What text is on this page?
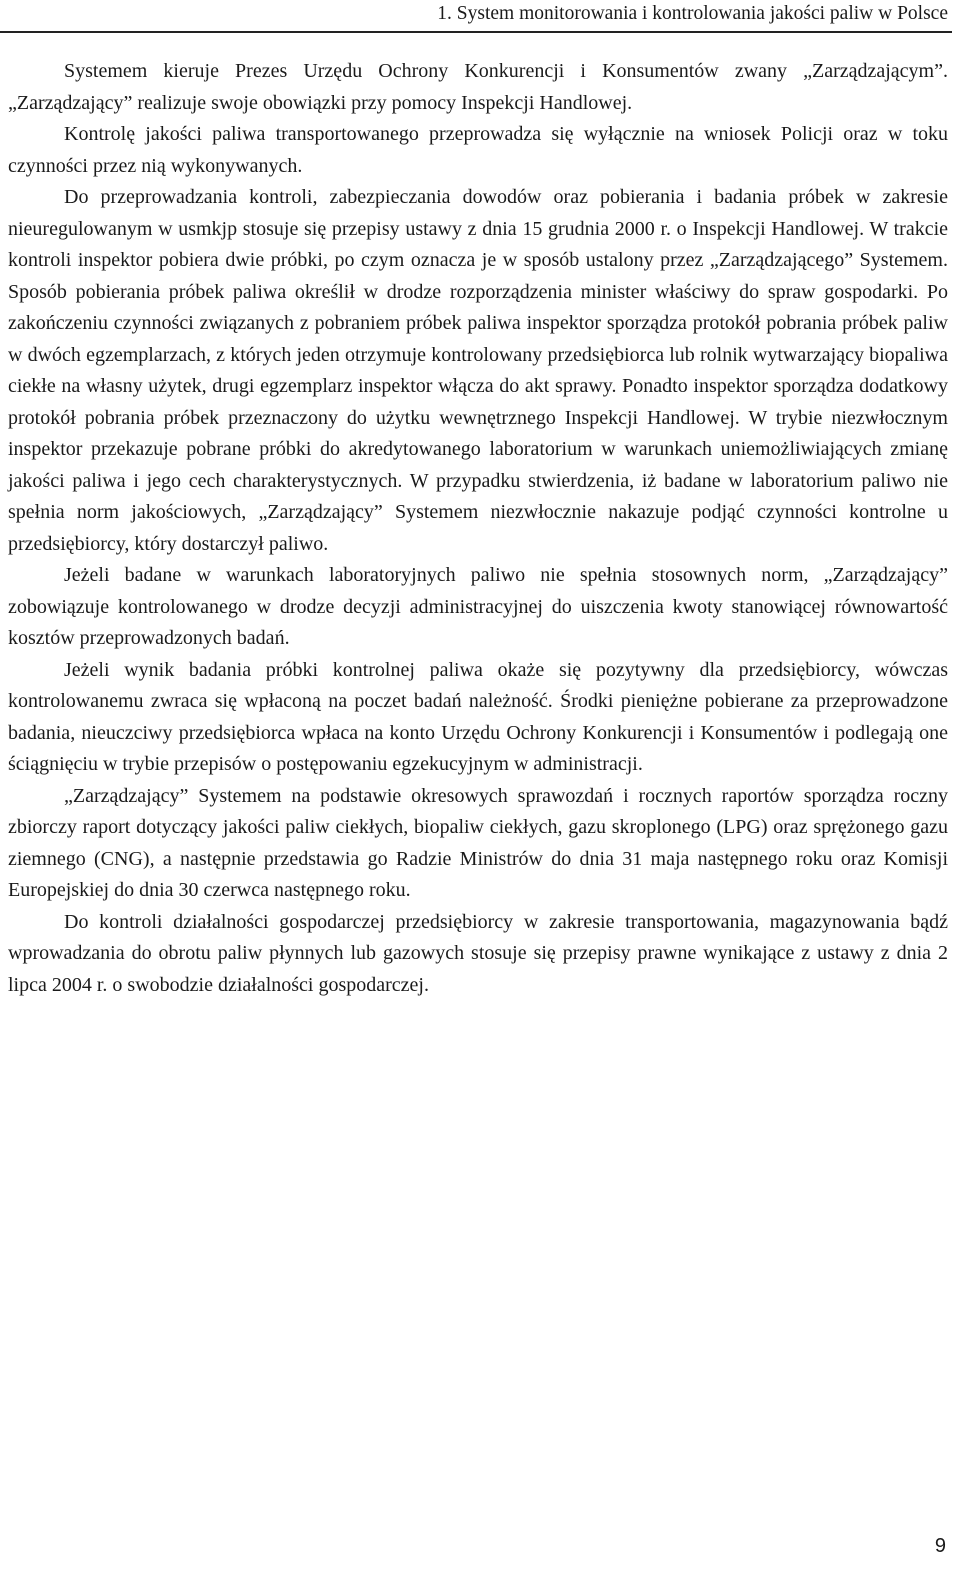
1. System monitorowania i kontrolowania jakości paliw w Polsce

Systemem kieruje Prezes Urzędu Ochrony Konkurencji i Konsumentów zwany „Zarządzającym”. „Zarządzający” realizuje swoje obowiązki przy pomocy Inspekcji Handlowej.

Kontrolę jakości paliwa transportowanego przeprowadza się wyłącznie na wniosek Policji oraz w toku czynności przez nią wykonywanych.

Do przeprowadzania kontroli, zabezpieczania dowodów oraz pobierania i badania próbek w zakresie nieuregulowanym w usmkjp stosuje się przepisy ustawy z dnia 15 grudnia 2000 r. o Inspekcji Handlowej. W trakcie kontroli inspektor pobiera dwie próbki, po czym oznacza je w sposób ustalony przez „Zarządzającego” Systemem. Sposób pobierania próbek paliwa określił w drodze rozporządzenia minister właściwy do spraw gospodarki. Po zakończeniu czynności związanych z pobraniem próbek paliwa inspektor sporządza protokół pobrania próbek paliw w dwóch egzemplarzach, z których jeden otrzymuje kontrolowany przedsiębiorca lub rolnik wytwarzający biopaliwa ciekłe na własny użytek, drugi egzemplarz inspektor włącza do akt sprawy. Ponadto inspektor sporządza dodatkowy protokół pobrania próbek przeznaczony do użytku wewnętrznego Inspekcji Handlowej. W trybie niezwłocznym inspektor przekazuje pobrane próbki do akredytowanego laboratorium w warunkach uniemożliwiających zmianę jakości paliwa i jego cech charakterystycznych. W przypadku stwierdzenia, iż badane w laboratorium paliwo nie spełnia norm jakościowych, „Zarządzający” Systemem niezwłocznie nakazuje podjąć czynności kontrolne u przedsiębiorcy, który dostarczył paliwo.

Jeżeli badane w warunkach laboratoryjnych paliwo nie spełnia stosownych norm, „Zarządzający” zobowiązuje kontrolowanego w drodze decyzji administracyjnej do uiszczenia kwoty stanowiącej równowartość kosztów przeprowadzonych badań.

Jeżeli wynik badania próbki kontrolnej paliwa okaże się pozytywny dla przedsiębiorcy, wówczas kontrolowanemu zwraca się wpłaconą na poczet badań należność. Środki pieniężne pobierane za przeprowadzone badania, nieuczciwy przedsiębiorca wpłaca na konto Urzędu Ochrony Konkurencji i Konsumentów i podlegają one ściągnięciu w trybie przepisów o postępowaniu egzekucyjnym w administracji.

„Zarządzający” Systemem na podstawie okresowych sprawozdań i rocznych raportów sporządza roczny zbiorczy raport dotyczący jakości paliw ciekłych, biopaliw ciekłych, gazu skroplonego (LPG) oraz sprężonego gazu ziemnego (CNG), a następnie przedstawia go Radzie Ministrów do dnia 31 maja następnego roku oraz Komisji Europejskiej do dnia 30 czerwca następnego roku.

Do kontroli działalności gospodarczej przedsiębiorcy w zakresie transportowania, magazynowania bądź wprowadzania do obrotu paliw płynnych lub gazowych stosuje się przepisy prawne wynikające z ustawy z dnia 2 lipca 2004 r. o swobodzie działalności gospodarczej.

9
